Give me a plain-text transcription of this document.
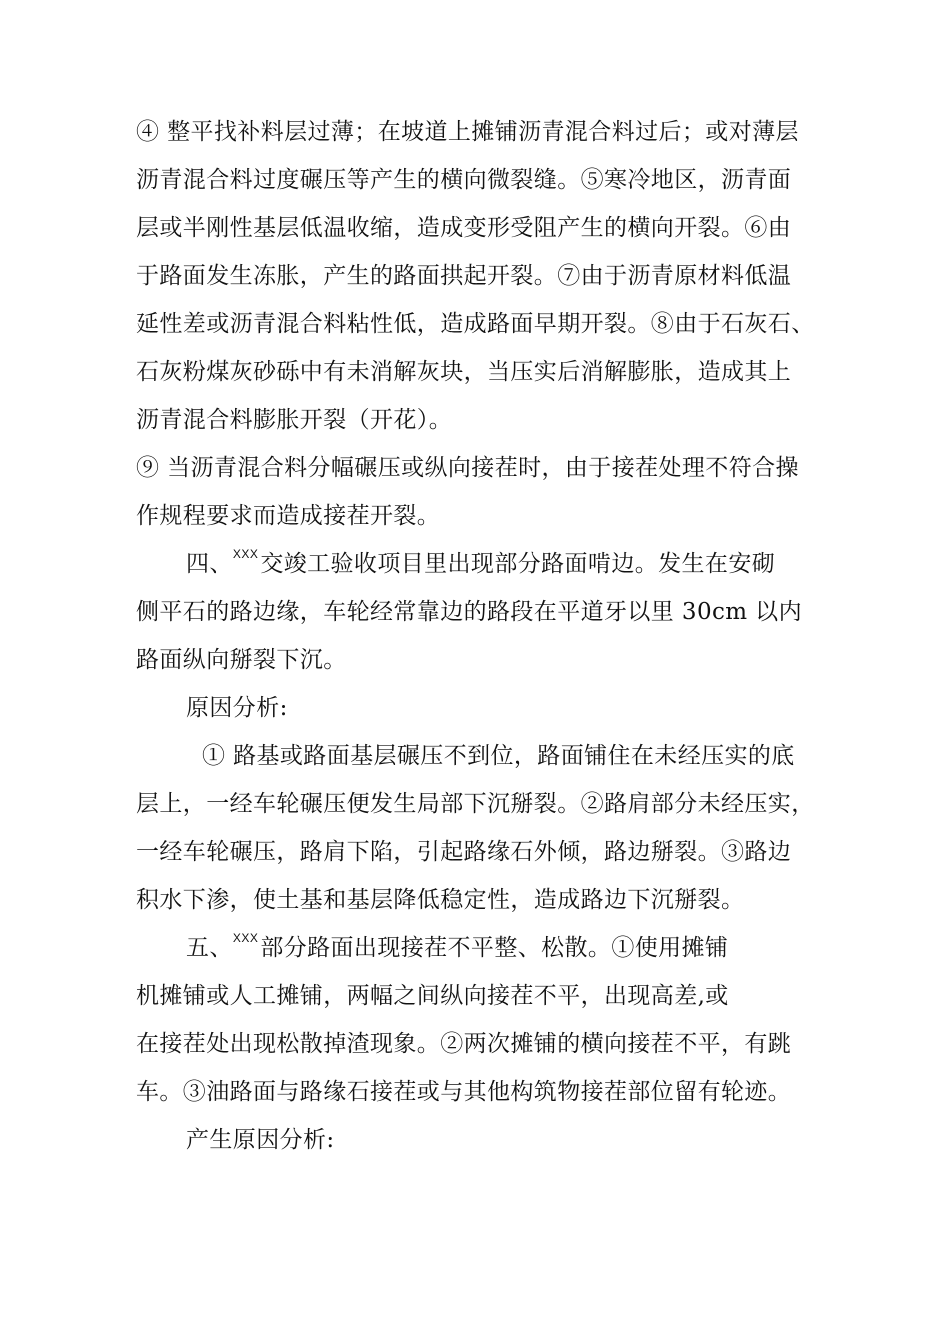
④ 整平找补料层过薄；在坡道上摊铺沥青混合料过后；或对薄层
沥青混合料过度碾压等产生的横向微裂缝。⑤寒冷地区，沥青面
层或半刚性基层低温收缩，造成变形受阻产生的横向开裂。⑥由
于路面发生冻胀，产生的路面拱起开裂。⑦由于沥青原材料低温
延性差或沥青混合料粘性低，造成路面早期开裂。⑧由于石灰石、
石灰粉煤灰砂砾中有未消解灰块，当压实后消解膨胀，造成其上
沥青混合料膨胀开裂（开花）。
⑨ 当沥青混合料分幅碾压或纵向接茬时，由于接茬处理不符合操
作规程要求而造成接茬开裂。
四、$^{XXX}$交竣工验收项目里出现部分路面啃边。发生在安砌
侧平石的路边缘，车轮经常靠边的路段在平道牙以里 30cm 以内
路面纵向掰裂下沉。
原因分析:
① 路基或路面基层碾压不到位，路面铺住在未经压实的底
层上，一经车轮碾压便发生局部下沉掰裂。②路肩部分未经压实，
一经车轮碾压，路肩下陷，引起路缘石外倾，路边掰裂。③路边
积水下渗，使土基和基层降低稳定性，造成路边下沉掰裂。
五、$^{XXX}$部分路面出现接茬不平整、松散。①使用摊铺
机摊铺或人工摊铺，两幅之间纵向接茬不平，出现高差,或
在接茬处出现松散掉渣现象。②两次摊铺的横向接茬不平，有跳
车。③油路面与路缘石接茬或与其他构筑物接茬部位留有轮迹。
产生原因分析:
